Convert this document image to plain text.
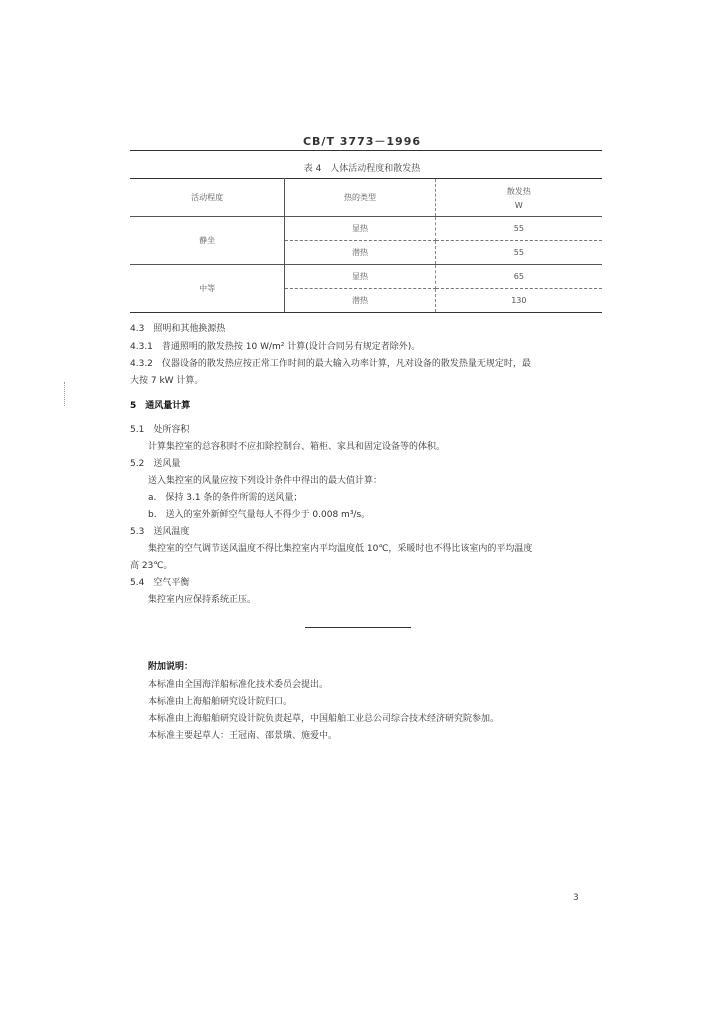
CB/T 3773－1996
表 4　人体活动程度和散发热
活动程度	热的类型	散发热
W

静坐	显热	55
	潜热	55
中等	显热	65
	潜热	130
4.3　照明和其他换源热
4.3.1　普通照明的散发热按 10 W/m² 计算(设计合同另有规定者除外)。
4.3.2　仪器设备的散发热应按正常工作时间的最大输入功率计算，凡对设备的散发热量无规定时，最
大按 7 kW 计算。
5　通风量计算
5.1　处所容积
计算集控室的总容积时不应扣除控制台、箱柜、家具和固定设备等的体积。
5.2　送风量
送入集控室的风量应按下列设计条件中得出的最大值计算：
a.　保持 3.1 条的条件所需的送风量；
b.　送入的室外新鲜空气量每人不得少于 0.008 m³/s。
5.3　送风温度
集控室的空气调节送风温度不得比集控室内平均温度低 10℃，采暖时也不得比该室内的平均温度
高 23℃。
5.4　空气平衡
集控室内应保持系统正压。
附加说明：
本标准由全国海洋船标准化技术委员会提出。
本标准由上海船舶研究设计院归口。
本标准由上海船舶研究设计院负责起草，中国船舶工业总公司综合技术经济研究院参加。
本标准主要起草人：王冠南、邵景璜、施爱中。
3
